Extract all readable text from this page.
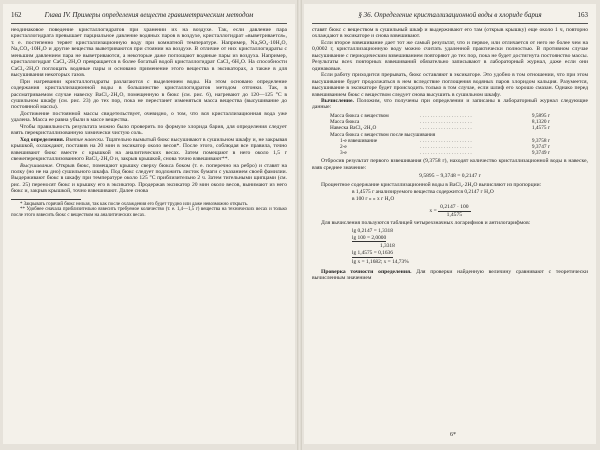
162	Глава IV. Примеры определения веществ гравиметрическим методом

неодинаковое поведение кристаллогидратов при хранении их на воздухе. Так, если давление пара кристаллогидрата превышает парциальное давление водяных паров в воздухе, кристаллогидрат «выветривается», т. е. постепенно теряет кристаллизационную воду при комнатной температуре. Например, Na₂SO₄·10H₂O, Na₂CO₃·10H₂O и другие вещества выветриваются при стоянии на воздухе. В отличие от них кристаллогидраты с меньшим давлением пара не выветриваются, а некоторые даже поглощают водяные пары из воздуха. Например, кристаллогидрат CaCl₂·2H₂O превращается в более богатый водой кристаллогидрат CaCl₂·6H₂O. На способности CaCl₂·2H₂O поглощать водяные пары и основано применение этого вещества в эксикаторах, а также в для высушивания некоторых газов.

При нагревании кристаллогидраты разлагаются с выделением воды. На этом основано определение содержания кристаллизационной воды в большинстве кристаллогидратов методом отгонки. Так, в рассматриваемом случае навеску BaCl₂·2H₂O, помещенную в бюкс (см. рис. 6), нагревают до 120—125 °С в сушильном шкафу (см. рис. 23) до тех пор, пока не перестанет изменяться масса вещества (высушивание до постоянной массы).

Достижение постоянной массы свидетельствует, очевидно, о том, что вся кристаллизационная вода уже удалена. Масса ее равна убыли в массе вещества.

Чтобы правильность результата можно было проверить по формуле хлорида бария, для определения следует взять перекристаллизованную химически чистую соль.

Ход определения. Взятие навески. Тщательно вымытый бюкс высушивают в сушильном шкафу и, не закрывая крышкой, охлаждают, поставив на 20 мин в эксикатор около весов*. После этого, соблюдая все правила, точно взвешивают бюкс вместе с крышкой на аналитических весах. Затем помещают в него около 1,5 г свежеперекристаллизованного BaCl₂·2H₂O и, закрыв крышкой, снова точно взвешивают**.

Высушивание. Открыв бюкс, помещают крышку сверху бюкса боком (т. е. поперечно на ребро) и ставят на полку (но не на дно) сушильного шкафа. Под бюкс следует подложить листок бумаги с указанием своей фамилии. Выдерживают бюкс в шкафу при температуре около 125 °С приблизительно 2 ч. Затем тигельными щипцами (см. рис. 25) переносят бюкс и крышку его в эксикатор. Продержав эксикатор 20 мин около весов, вынимают из него бюкс и, закрыв крышкой, точно взвешивают. Далее снова

* Закрывать горячий бюкс нельзя, так как после охлаждения его будет трудно или даже невозможно открыть.

** Удобнее сначала приблизительно взвесить требуемое количество (т. е. 1,4—1,5 г) вещества на технических весах и только после этого взвесить бюкс с веществом на аналитических весах.

§ 36. Определение кристаллизационной воды в хлориде бария	163

ставят бюкс с веществом в сушильный шкаф и выдерживают его там (открыв крышку) еще около 1 ч, повторно охлаждают в эксикаторе и снова взвешивают.

Если второе взвешивание дает тот же самый результат, что и первое, или отличается от него не более чем на 0,0002 г, кристаллизационную воду можно считать удаленной практически полностью. В противном случае высушивание с периодическим взвешиванием повторяют до тех пор, пока не будет достигнута постоянство массы. Результаты всех повторных взвешиваний обязательно записывают в лабораторный журнал, даже если они одинаковые.

Если работу приходится прерывать, бюкс оставляют в эксикаторе. Это удобно в том отношении, что при этом высушивание будет продолжаться в нем вследствие поглощения водяных паров хлоридом кальция. Разумеется, высушивание в эксикаторе будет происходить только в том случае, если шлиф его хорошо смазан. Однако перед взвешиванием бюкс с веществом следует снова высушить в сушильном шкафу.

Вычисление. Положим, что получены при определении и записаны в лабораторный журнал следующие данные:

Масса бюкса с веществом	. . . . . . . . . . . . . . . . . . . .	9,5895 г
Масса бюкса	. . . . . . . . . . . . . . . . . . . .	8,1320 г
Навеска BaCl₂·2H₂O	. . . . . . . . . . . . . . . . . . . .	1,4575 г
Масса бюкса с веществом после высушивания
1-е взвешивание	. . . . . . . . . . . . . . . . . . . .	9,3758 г
2-е	. . . . . . . . . . . . . . . . . . . .	9,3747 г
3-е	. . . . . . . . . . . . . . . . . . . .	9,3749 г

Отбросив результат первого взвешивания (9,3758 г), находят количество кристаллизационной воды в навеске, взяв среднее значение:

9,5895 − 9,3748 = 0,2147 г

Процентное содержание кристаллизационной воды в BaCl₂·2H₂O вычисляют из пропорции:

в 1,4575 г анализируемого вещества содержится 0,2147 г H₂O
в 100 г » » x г H₂O
$x = \frac{0,2147 \cdot 100}{1,4575}$

Для вычисления пользуются таблицей четырехзначных логарифмов и антилогарифмов:

lg 0,2147 = 1,3318
lg 100 = 2,0000
1,3318
lg 1,4575 = 0,1636
lg x = 1,1682; x = 14,73%

Проверка точности определения. Для проверки найденную величину сравнивают с теоретически вычисленным значением

6*
